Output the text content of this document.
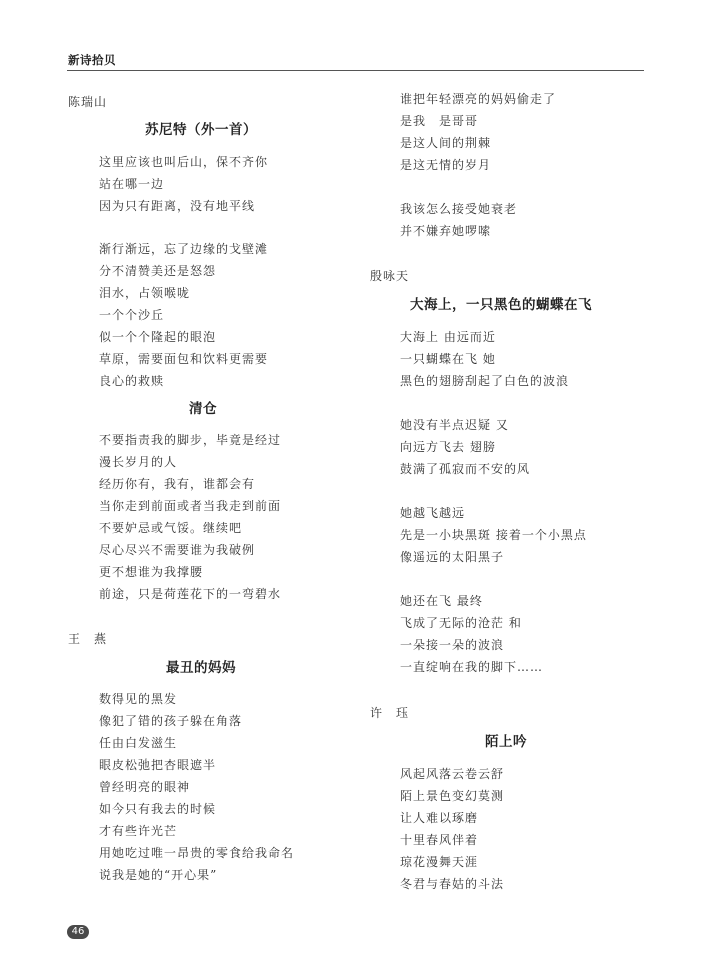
新诗拾贝
陈瑞山
苏尼特（外一首）
这里应该也叫后山，保不齐你
站在哪一边
因为只有距离，没有地平线
渐行渐远，忘了边缘的戈壁滩
分不清赞美还是怒怨
泪水，占领喉咙
一个个沙丘
似一个个隆起的眼泡
草原，需要面包和饮料更需要
良心的救赎
清仓
不要指责我的脚步，毕竟是经过
漫长岁月的人
经历你有，我有，谁都会有
当你走到前面或者当我走到前面
不要妒忌或气馁。继续吧
尽心尽兴不需要谁为我破例
更不想谁为我撑腰
前途，只是荷莲花下的一弯碧水
王　燕
最丑的妈妈
数得见的黑发
像犯了错的孩子躲在角落
任由白发滋生
眼皮松弛把杏眼遮半
曾经明亮的眼神
如今只有我去的时候
才有些许光芒
用她吃过唯一昂贵的零食给我命名
说我是她的“开心果”
谁把年轻漂亮的妈妈偷走了
是我　是哥哥
是这人间的荆棘
是这无情的岁月
我该怎么接受她衰老
并不嫌弃她啰嗦
殷咏天
大海上，一只黑色的蝴蝶在飞
大海上 由远而近
一只蝴蝶在飞 她
黑色的翅膀刮起了白色的波浪
她没有半点迟疑 又
向远方飞去 翅膀
鼓满了孤寂而不安的风
她越飞越远
先是一小块黑斑 接着一个小黑点
像遥远的太阳黑子
她还在飞 最终
飞成了无际的沧茫 和
一朵接一朵的波浪
一直绽响在我的脚下……
许　珏
陌上吟
风起风落云卷云舒
陌上景色变幻莫测
让人难以琢磨
十里春风伴着
琼花漫舞天涯
冬君与春姑的斗法
46
